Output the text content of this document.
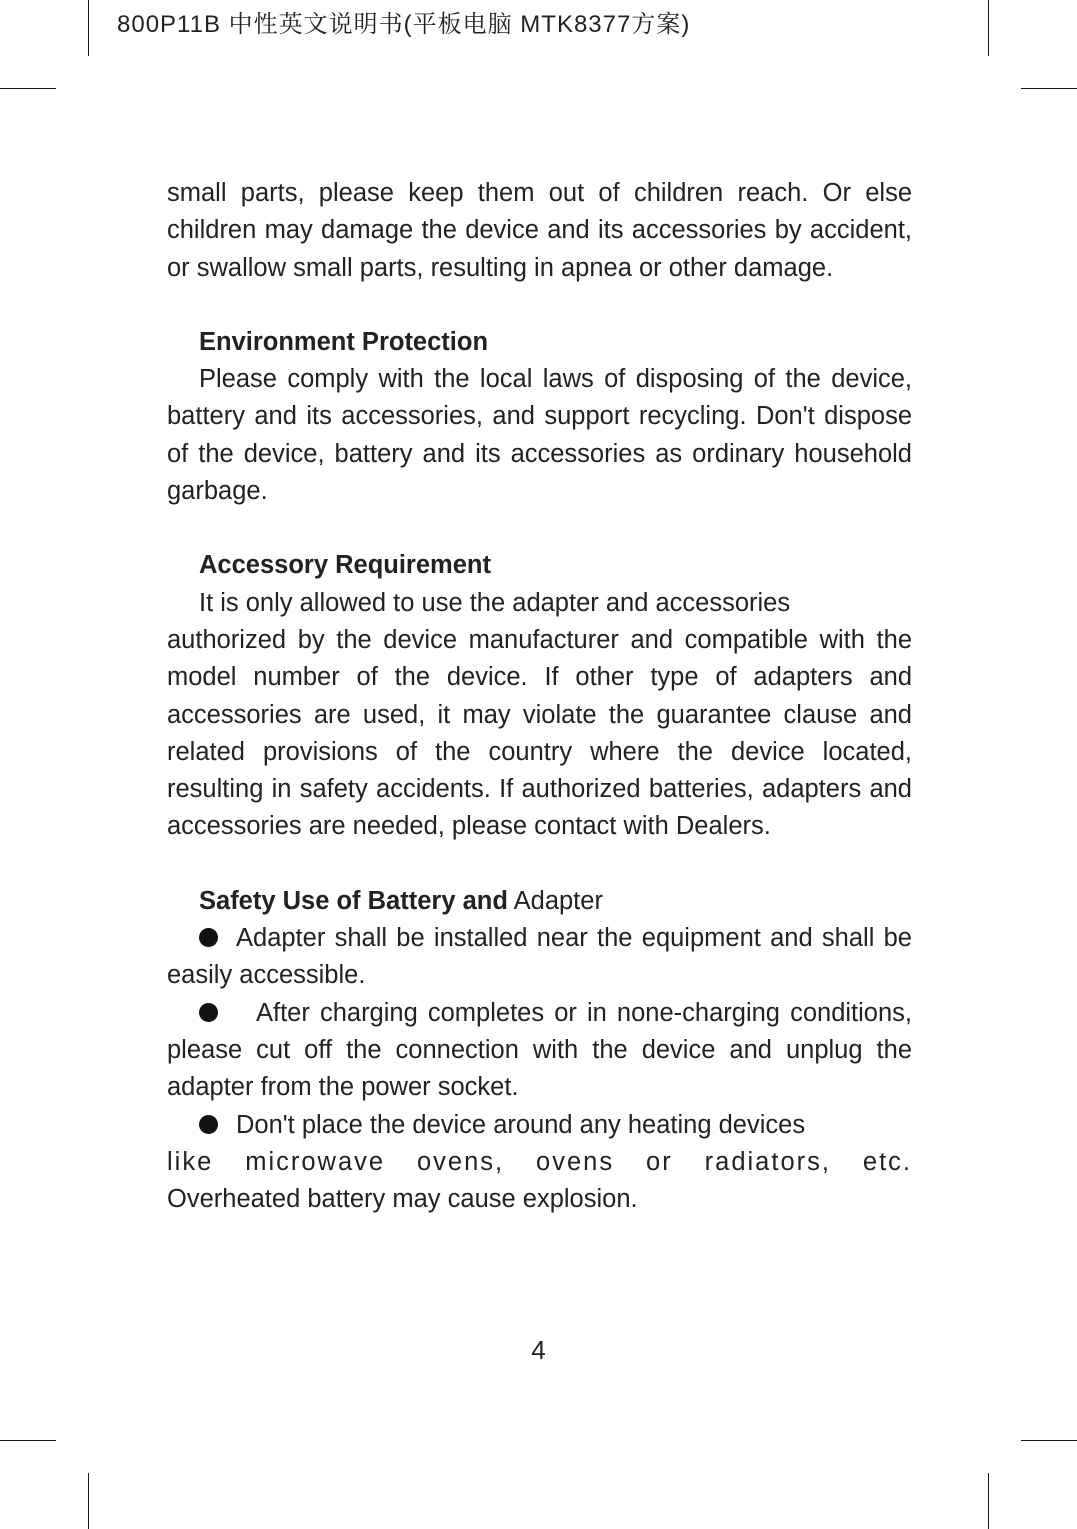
800P11B 中性英文说明书(平板电脑 MTK8377方案)

small parts, please keep them out of children reach. Or else children may damage the device and its accessories by accident, or swallow small parts, resulting in apnea or other damage.

Environment Protection

Please comply with the local laws of disposing of the device, battery and its accessories, and support recycling. Don't dispose of the device, battery and its accessories as ordinary household garbage.

Accessory Requirement

It is only allowed to use the adapter and accessories

authorized by the device manufacturer and compatible with the model number of the device. If other type of adapters and accessories are used, it may violate the guarantee clause and related provisions of the country where the device located, resulting in safety accidents. If authorized batteries, adapters and accessories are needed, please contact with Dealers.

Safety Use of Battery and Adapter

Adapter shall be installed near the equipment and shall be easily accessible.

After charging completes or in none-charging conditions, please cut off the connection with the device and unplug the adapter from the power socket.

Don't place the device around any heating devices

like microwave ovens, ovens or radiators, etc.

Overheated battery may cause explosion.

4
